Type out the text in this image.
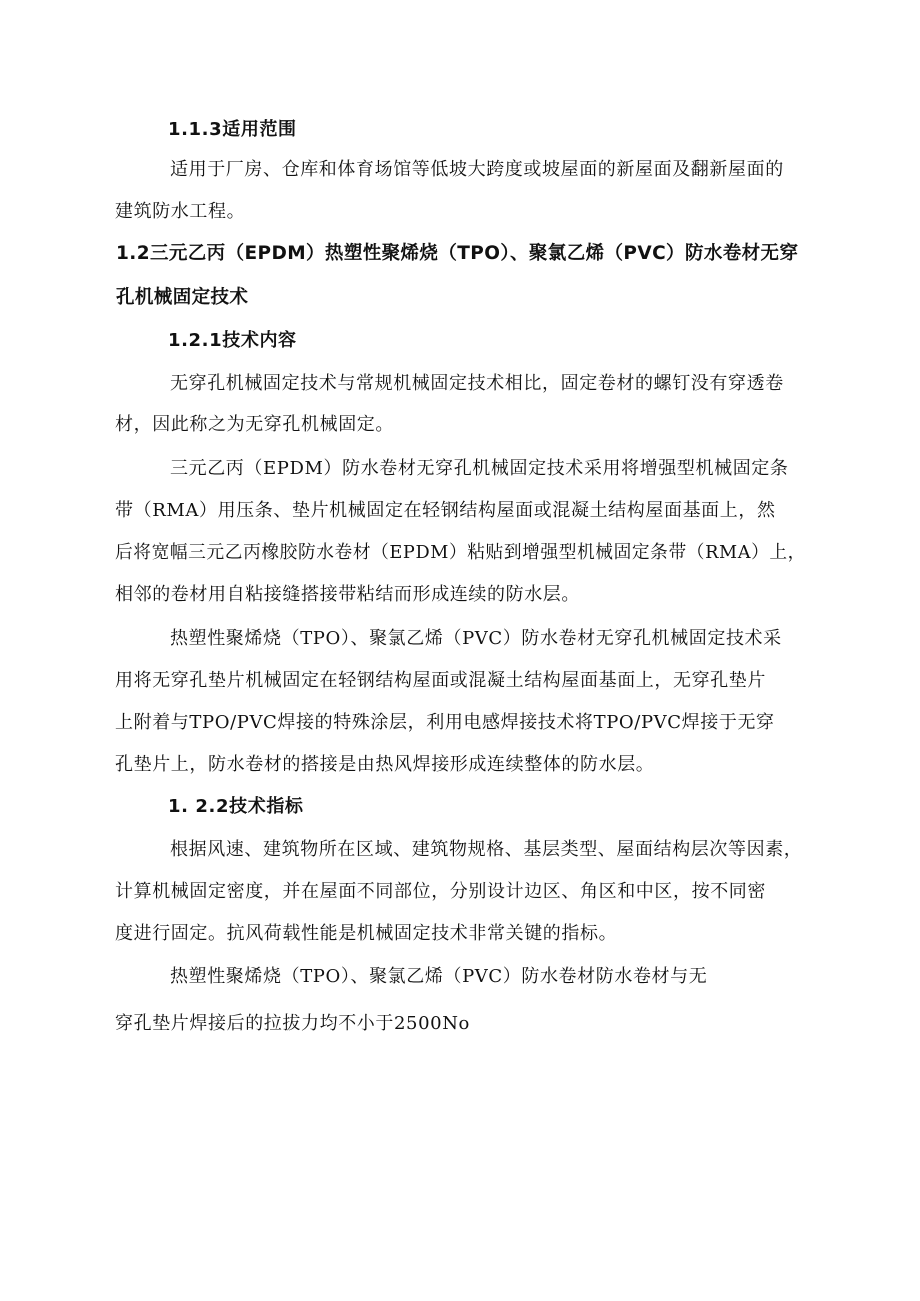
1.1.3适用范围
适用于厂房、仓库和体育场馆等低坡大跨度或坡屋面的新屋面及翻新屋面的
建筑防水工程。
1.2三元乙丙（EPDM）热塑性聚烯烧（TPO）、聚氯乙烯（PVC）防水卷材无穿
孔机械固定技术
1.2.1技术内容
无穿孔机械固定技术与常规机械固定技术相比，固定卷材的螺钉没有穿透卷
材，因此称之为无穿孔机械固定。
三元乙丙（EPDM）防水卷材无穿孔机械固定技术采用将增强型机械固定条
带（RMA）用压条、垫片机械固定在轻钢结构屋面或混凝土结构屋面基面上，然
后将宽幅三元乙丙橡胶防水卷材（EPDM）粘贴到增强型机械固定条带（RMA）上，
相邻的卷材用自粘接缝搭接带粘结而形成连续的防水层。
热塑性聚烯烧（TPO）、聚氯乙烯（PVC）防水卷材无穿孔机械固定技术采
用将无穿孔垫片机械固定在轻钢结构屋面或混凝土结构屋面基面上，无穿孔垫片
上附着与TPO/PVC焊接的特殊涂层，利用电感焊接技术将TPO/PVC焊接于无穿
孔垫片上，防水卷材的搭接是由热风焊接形成连续整体的防水层。
1. 2.2技术指标
根据风速、建筑物所在区域、建筑物规格、基层类型、屋面结构层次等因素，
计算机械固定密度，并在屋面不同部位，分别设计边区、角区和中区，按不同密
度进行固定。抗风荷载性能是机械固定技术非常关键的指标。
热塑性聚烯烧（TPO）、聚氯乙烯（PVC）防水卷材防水卷材与无
穿孔垫片焊接后的拉拔力均不小于2500No
